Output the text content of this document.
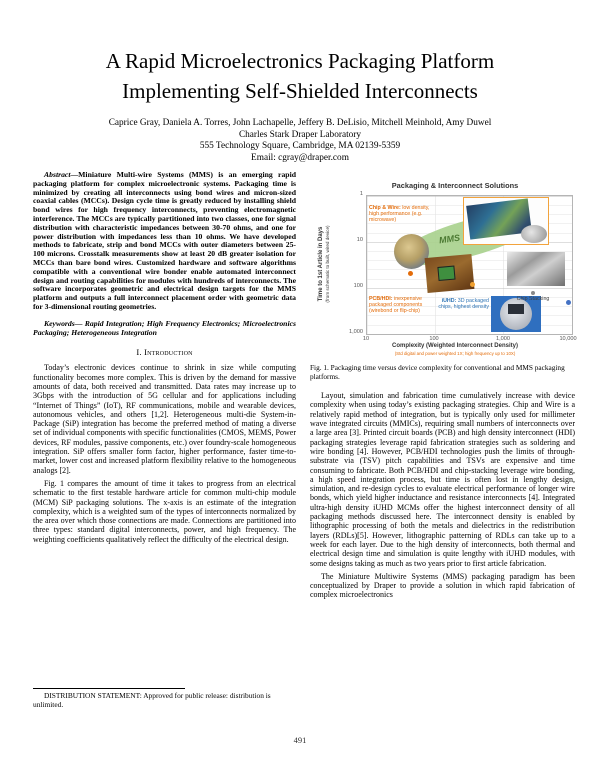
A Rapid Microelectronics Packaging Platform
Implementing Self-Shielded Interconnects
Caprice Gray, Daniela A. Torres, John Lachapelle, Jeffery B. DeLisio, Mitchell Meinhold, Amy Duwel
Charles Stark Draper Laboratory
555 Technology Square, Cambridge, MA 02139-5359
Email: cgray@draper.com

Abstract—Miniature Multi-wire Systems (MMS) is an emerging rapid packaging platform for complex microelectronic systems. Packaging time is minimized by creating all interconnects using bond wires and micron-sized coaxial cables (MCCs). Design cycle time is greatly reduced by installing shield bond wires for high frequency interconnects, preventing electromagnetic interference. The MCCs are typically partitioned into two classes, one for signal distribution with characteristic impedances between 30-70 ohms, and one for power distribution with impedances less than 10 ohms. We have developed methods to fabricate, strip and bond MCCs with outer diameters between 25-100 microns. Crosstalk measurements show at least 20 dB greater isolation for MCCs than bare bond wires. Customized hardware and software algorithms compatible with a conventional wire bonder enable automated interconnect design and routing capabilities for modules with hundreds of interconnects. The software incorporates geometric and electrical design targets for the MMS platform and outputs a full interconnect placement order with geometric data for 3-dimensional routing geometries.

Keywords— Rapid Integration; High Frequency Electronics; Microelectronics Packaging; Heterogeneous Integration

I. Introduction

Today’s electronic devices continue to shrink in size while computing functionality becomes more complex. This is driven by the demand for massive amounts of data, both received and transmitted. Data rates may increase up to 3Gbps with the introduction of 5G cellular and for applications including “Internet of Things” (IoT), RF communications, mobile and wearable devices, autonomous vehicles, and others [1,2]. Heterogeneous multi-die System-in-Package (SiP) integration has become the preferred method of mating a diverse set of individual components with specific functionalities (CMOS, MEMS, Power devices, RF modules, passive components, etc.) over foundry-scale homogeneous integration. SiP offers smaller form factor, higher performance, faster time-to-market, lower cost and increased platform flexibility relative to the homogeneous analogs [2].

Fig. 1 compares the amount of time it takes to progress from an electrical schematic to the first testable hardware article for common multi-chip module (MCM) SiP packaging solutions. The x-axis is an estimate of the integration complexity, which is a weighted sum of the types of interconnects normalized by the area over which those connections are made. Connections are partitioned into three types: standard digital interconnects, power, and high frequency. The weighting coefficients qualitatively reflect the difficulty of the electrical design.

Packaging & Interconnect Solutions
Time to 1st Article in Days (from schematic to built, wired device)
1
10
100
1,000
MMS
Chip & Wire: low density, high performance (e.g. microwave)
PCB/HDI: inexpensive packaged components (wirebond or flip-chip)
iUHD: 3D packaged chips, highest density
Chip Stacking
10	100	1,000	10,000
Complexity (Weighted Interconnect Density)
(Std digital and power weighted 1X; high frequency up to 10X)

Fig. 1. Packaging time versus device complexity for conventional and MMS packaging platforms.

Layout, simulation and fabrication time cumulatively increase with device complexity when using today’s existing packaging strategies. Chip and Wire is a relatively rapid method of integration, but is typically only used for millimeter wave integrated circuits (MMICs), requiring small numbers of interconnects over a large area [3]. Printed circuit boards (PCB) and high density interconnect (HDI) packaging strategies leverage rapid fabrication strategies such as soldering and wire bonding [4]. However, PCB/HDI technologies push the limits of through-substrate via (TSV) pitch capabilities and TSVs are expensive and time consuming to fabricate. Both PCB/HDI and chip-stacking leverage wire bonding, a high speed integration process, but time is often lost in lengthy design, simulation, and re-design cycles to evaluate electrical performance of longer wire bonds, which yield higher inductance and resistance interconnects [4]. Integrated ultra-high density iUHD MCMs offer the highest interconnect density of all packaging methods discussed here. The interconnect density is enabled by lithographic processing of both the metals and dielectrics in the redistribution layers (RDLs)[5]. However, lithographic patterning of RDLs can take up to a week for each layer. Due to the high density of interconnects, both thermal and electrical design time and simulation is quite lengthy with iUHD modules, with some designs taking as much as two years prior to first article fabrication.

The Miniature Multiwire Systems (MMS) packaging paradigm has been conceptualized by Draper to provide a solution in which rapid fabrication of complex microelectronics

DISTRIBUTION STATEMENT: Approved for public release: distribution is unlimited.
491
